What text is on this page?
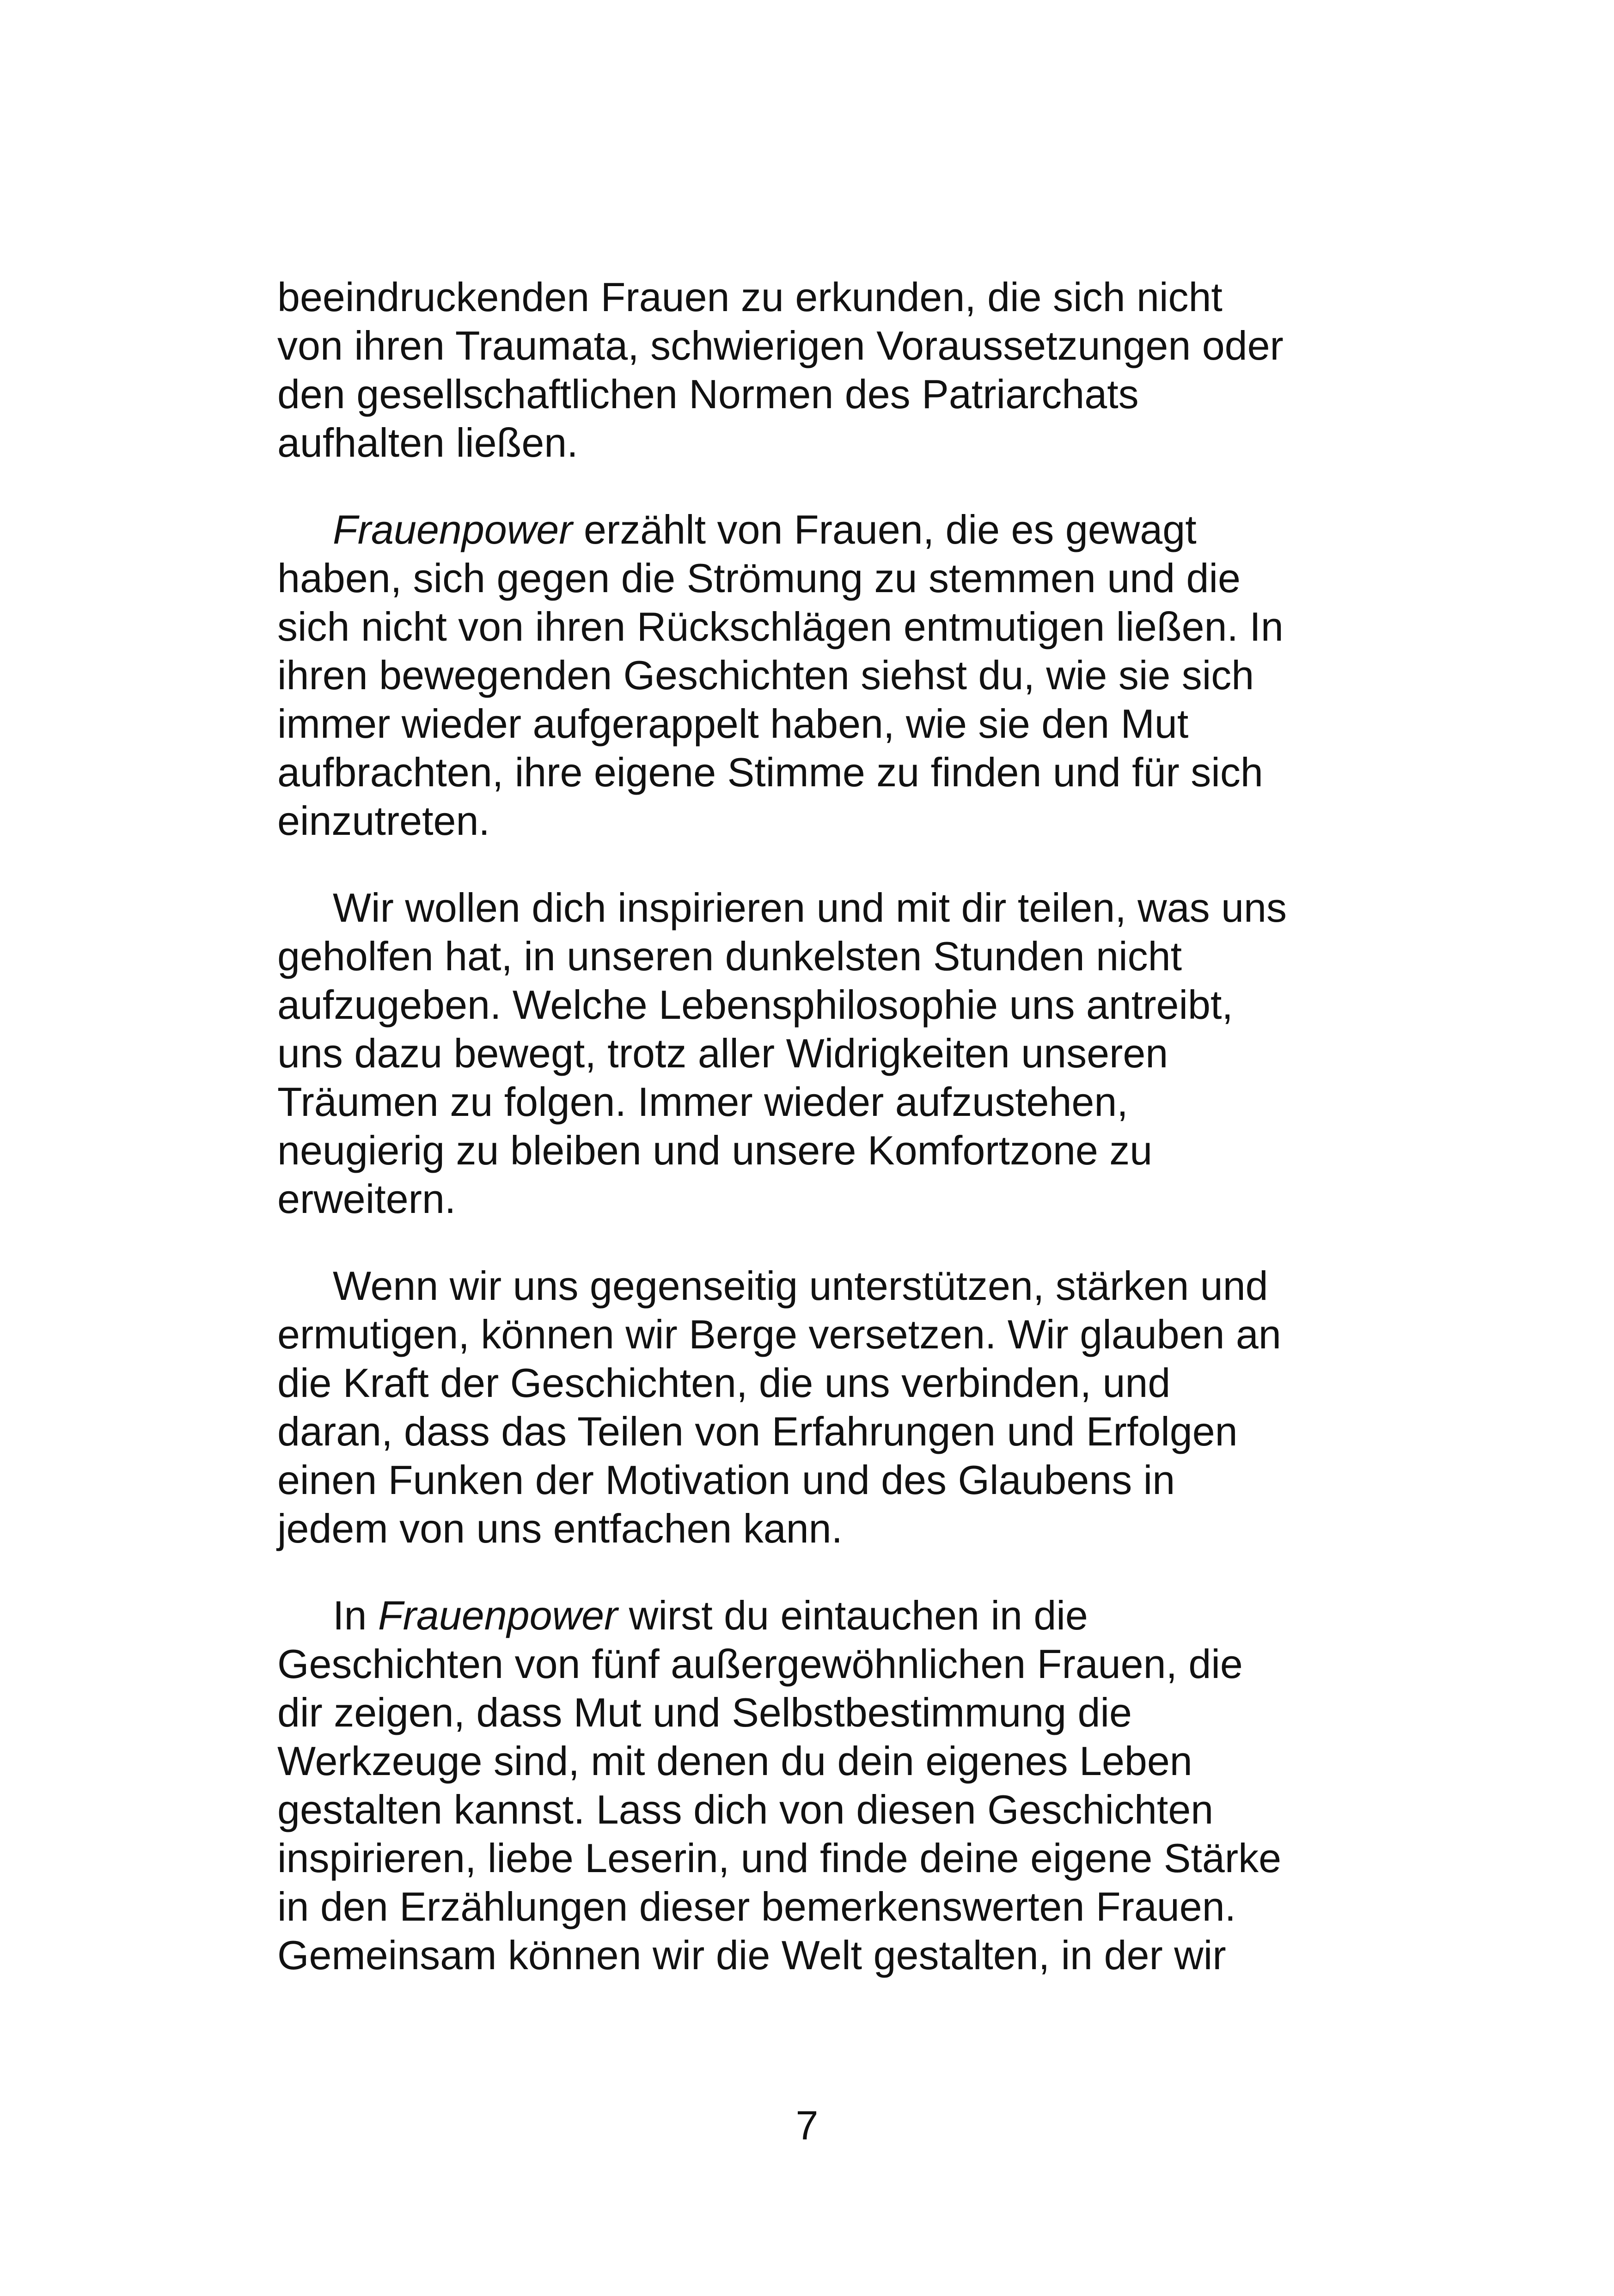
beeindruckenden Frauen zu erkunden, die sich nicht
von ihren Traumata, schwierigen Voraussetzungen oder
den gesellschaftlichen Normen des Patriarchats
aufhalten ließen.
Frauenpower erzählt von Frauen, die es gewagt
haben, sich gegen die Strömung zu stemmen und die
sich nicht von ihren Rückschlägen entmutigen ließen. In
ihren bewegenden Geschichten siehst du, wie sie sich
immer wieder aufgerappelt haben, wie sie den Mut
aufbrachten, ihre eigene Stimme zu finden und für sich
einzutreten.
Wir wollen dich inspirieren und mit dir teilen, was uns
geholfen hat, in unseren dunkelsten Stunden nicht
aufzugeben. Welche Lebensphilosophie uns antreibt,
uns dazu bewegt, trotz aller Widrigkeiten unseren
Träumen zu folgen. Immer wieder aufzustehen,
neugierig zu bleiben und unsere Komfortzone zu
erweitern.
Wenn wir uns gegenseitig unterstützen, stärken und
ermutigen, können wir Berge versetzen. Wir glauben an
die Kraft der Geschichten, die uns verbinden, und
daran, dass das Teilen von Erfahrungen und Erfolgen
einen Funken der Motivation und des Glaubens in
jedem von uns entfachen kann.
In Frauenpower wirst du eintauchen in die
Geschichten von fünf außergewöhnlichen Frauen, die
dir zeigen, dass Mut und Selbstbestimmung die
Werkzeuge sind, mit denen du dein eigenes Leben
gestalten kannst. Lass dich von diesen Geschichten
inspirieren, liebe Leserin, und finde deine eigene Stärke
in den Erzählungen dieser bemerkenswerten Frauen.
Gemeinsam können wir die Welt gestalten, in der wir
7
